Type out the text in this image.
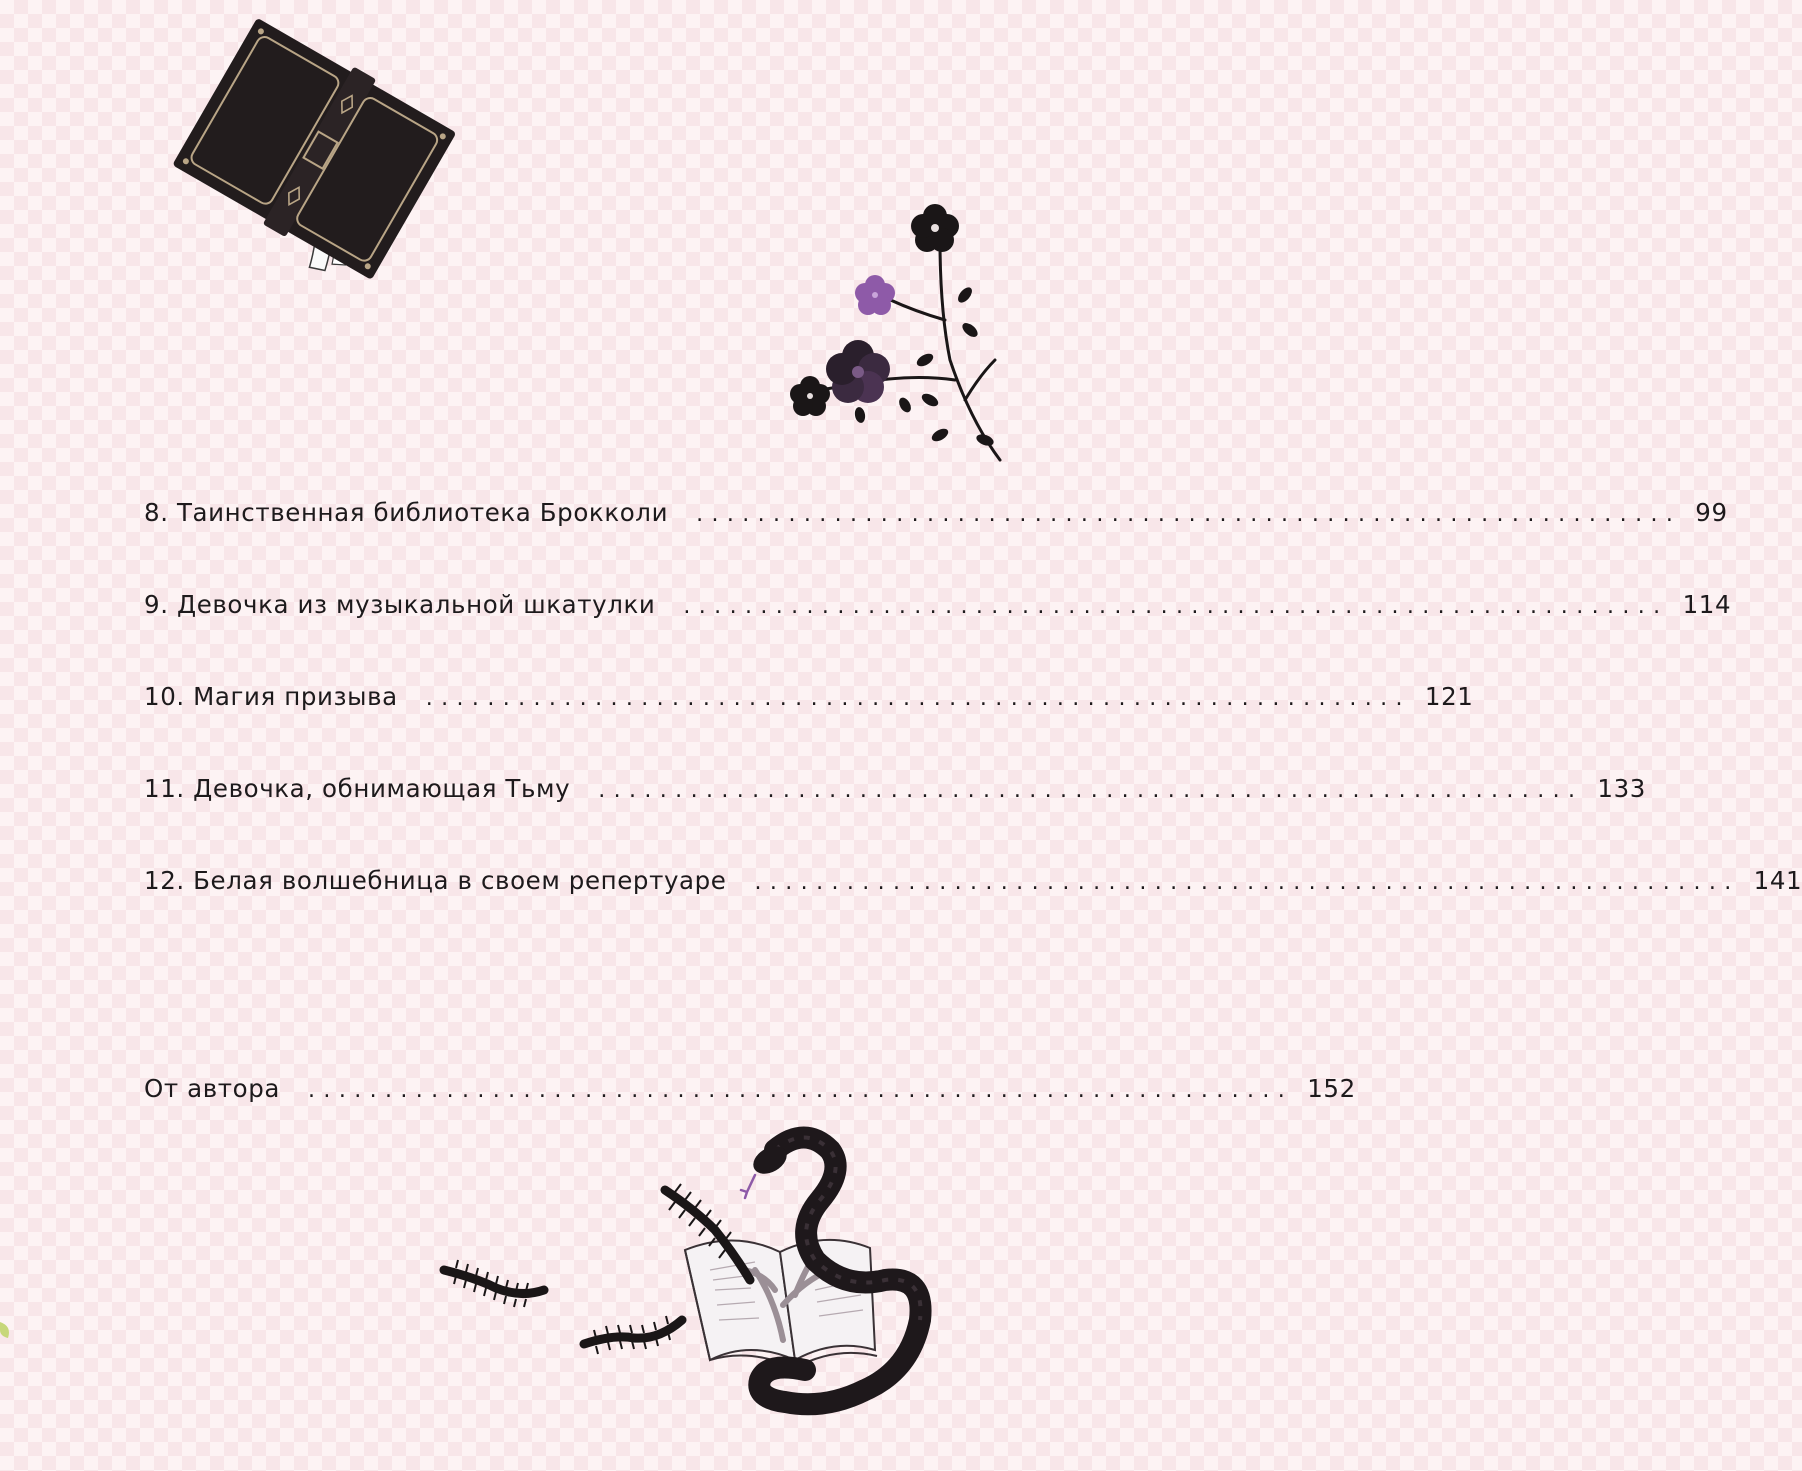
8. Таинственная библиотека Брокколи ................................................................ 99
9. Девочка из музыкальной шкатулки ................................................................ 114
10. Магия призыва ................................................................ 121
11. Девочка, обнимающая Тьму ................................................................ 133
12. Белая волшебница в своем репертуаре ................................................................ 141
От автора ................................................................ 152
